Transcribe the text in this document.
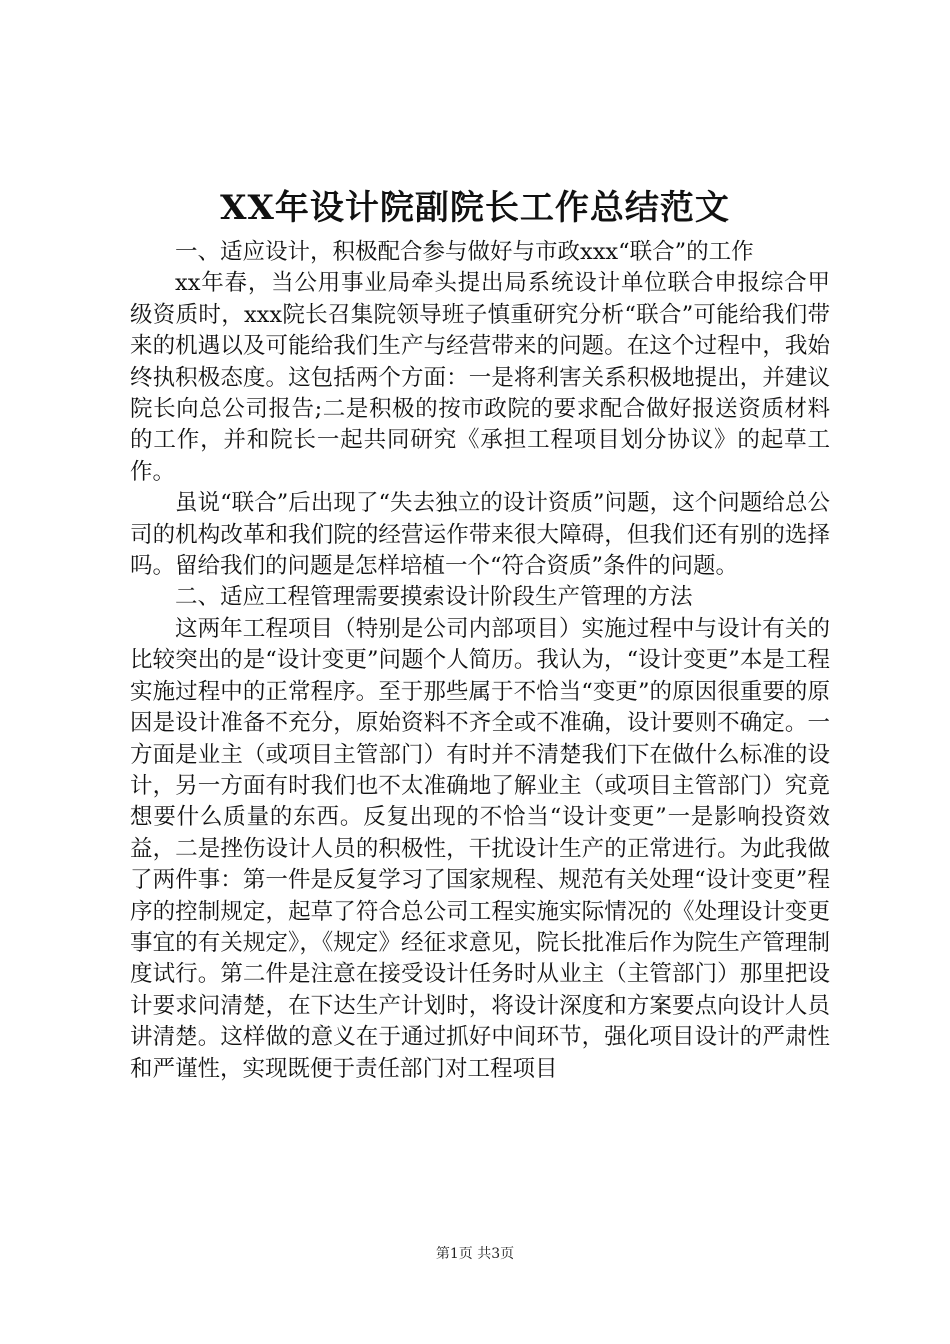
XX年设计院副院长工作总结范文

一、适应设计，积极配合参与做好与市政xxx“联合”的工作

xx年春，当公用事业局牵头提出局系统设计单位联合申报综合甲级资质时，xxx院长召集院领导班子慎重研究分析“联合”可能给我们带来的机遇以及可能给我们生产与经营带来的问题。在这个过程中，我始终执积极态度。这包括两个方面：一是将利害关系积极地提出，并建议院长向总公司报告;二是积极的按市政院的要求配合做好报送资质材料的工作，并和院长一起共同研究《承担工程项目划分协议》的起草工作。

虽说“联合”后出现了“失去独立的设计资质”问题，这个问题给总公司的机构改革和我们院的经营运作带来很大障碍，但我们还有别的选择吗。留给我们的问题是怎样培植一个“符合资质”条件的问题。

二、适应工程管理需要摸索设计阶段生产管理的方法

这两年工程项目（特别是公司内部项目）实施过程中与设计有关的比较突出的是“设计变更”问题个人简历。我认为，“设计变更”本是工程实施过程中的正常程序。至于那些属于不恰当“变更”的原因很重要的原因是设计准备不充分，原始资料不齐全或不准确，设计要则不确定。一方面是业主（或项目主管部门）有时并不清楚我们下在做什么标准的设计，另一方面有时我们也不太准确地了解业主（或项目主管部门）究竟想要什么质量的东西。反复出现的不恰当“设计变更”一是影响投资效益，二是挫伤设计人员的积极性，干扰设计生产的正常进行。为此我做了两件事：第一件是反复学习了国家规程、规范有关处理“设计变更”程序的控制规定，起草了符合总公司工程实施实际情况的《处理设计变更事宜的有关规定》，《规定》经征求意见，院长批准后作为院生产管理制度试行。第二件是注意在接受设计任务时从业主（主管部门）那里把设计要求问清楚，在下达生产计划时，将设计深度和方案要点向设计人员讲清楚。这样做的意义在于通过抓好中间环节，强化项目设计的严肃性和严谨性，实现既便于责任部门对工程项目

第1页 共3页
